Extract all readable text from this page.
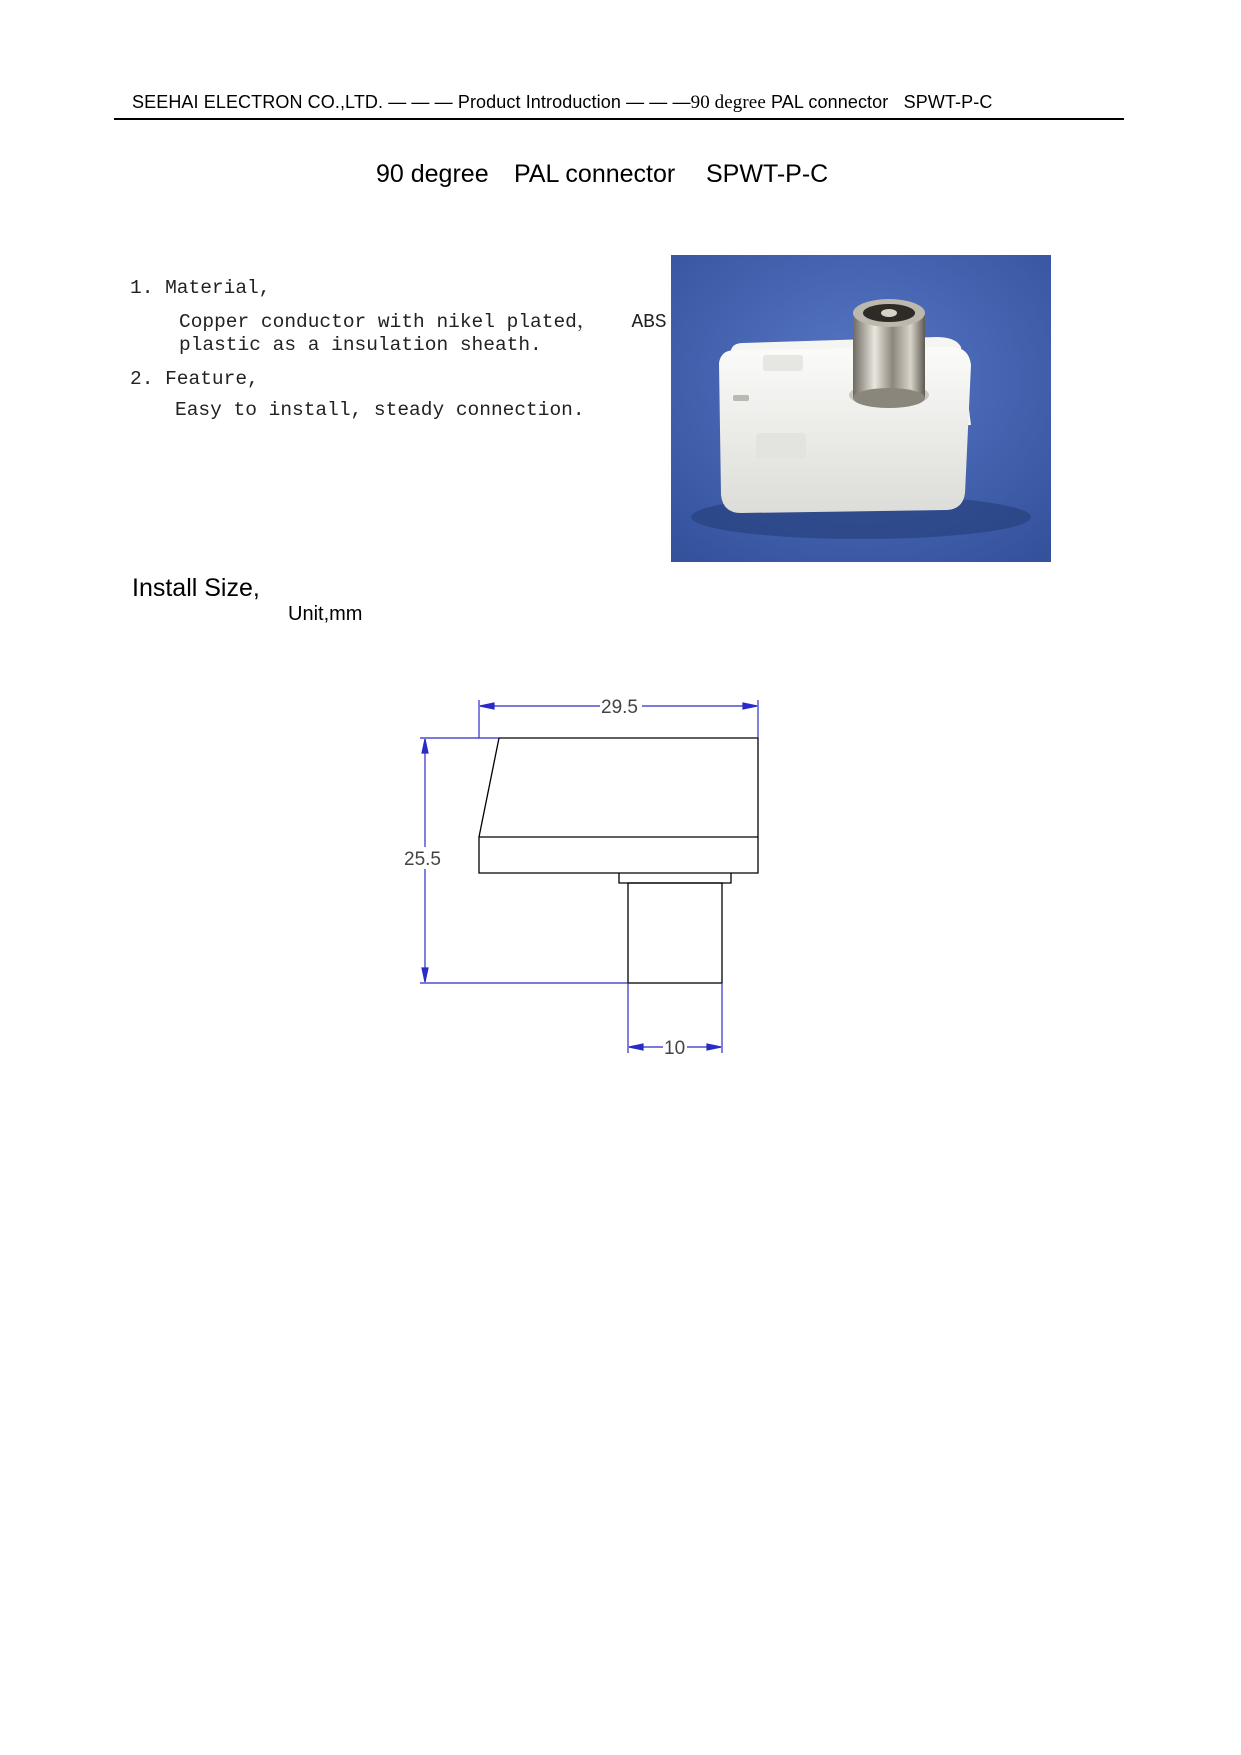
SEEHAI ELECTRON CO.,LTD. — — — Product Introduction — — —90 degree PAL connector   SPWT-P-C
90 degree PAL connector SPWT-P-C
1. Material,
Copper conductor with nikel plated，   ABS
plastic as a insulation sheath.
2. Feature,
Easy to install, steady connection.
Install Size,
Unit,mm
29.5
25.5
10
